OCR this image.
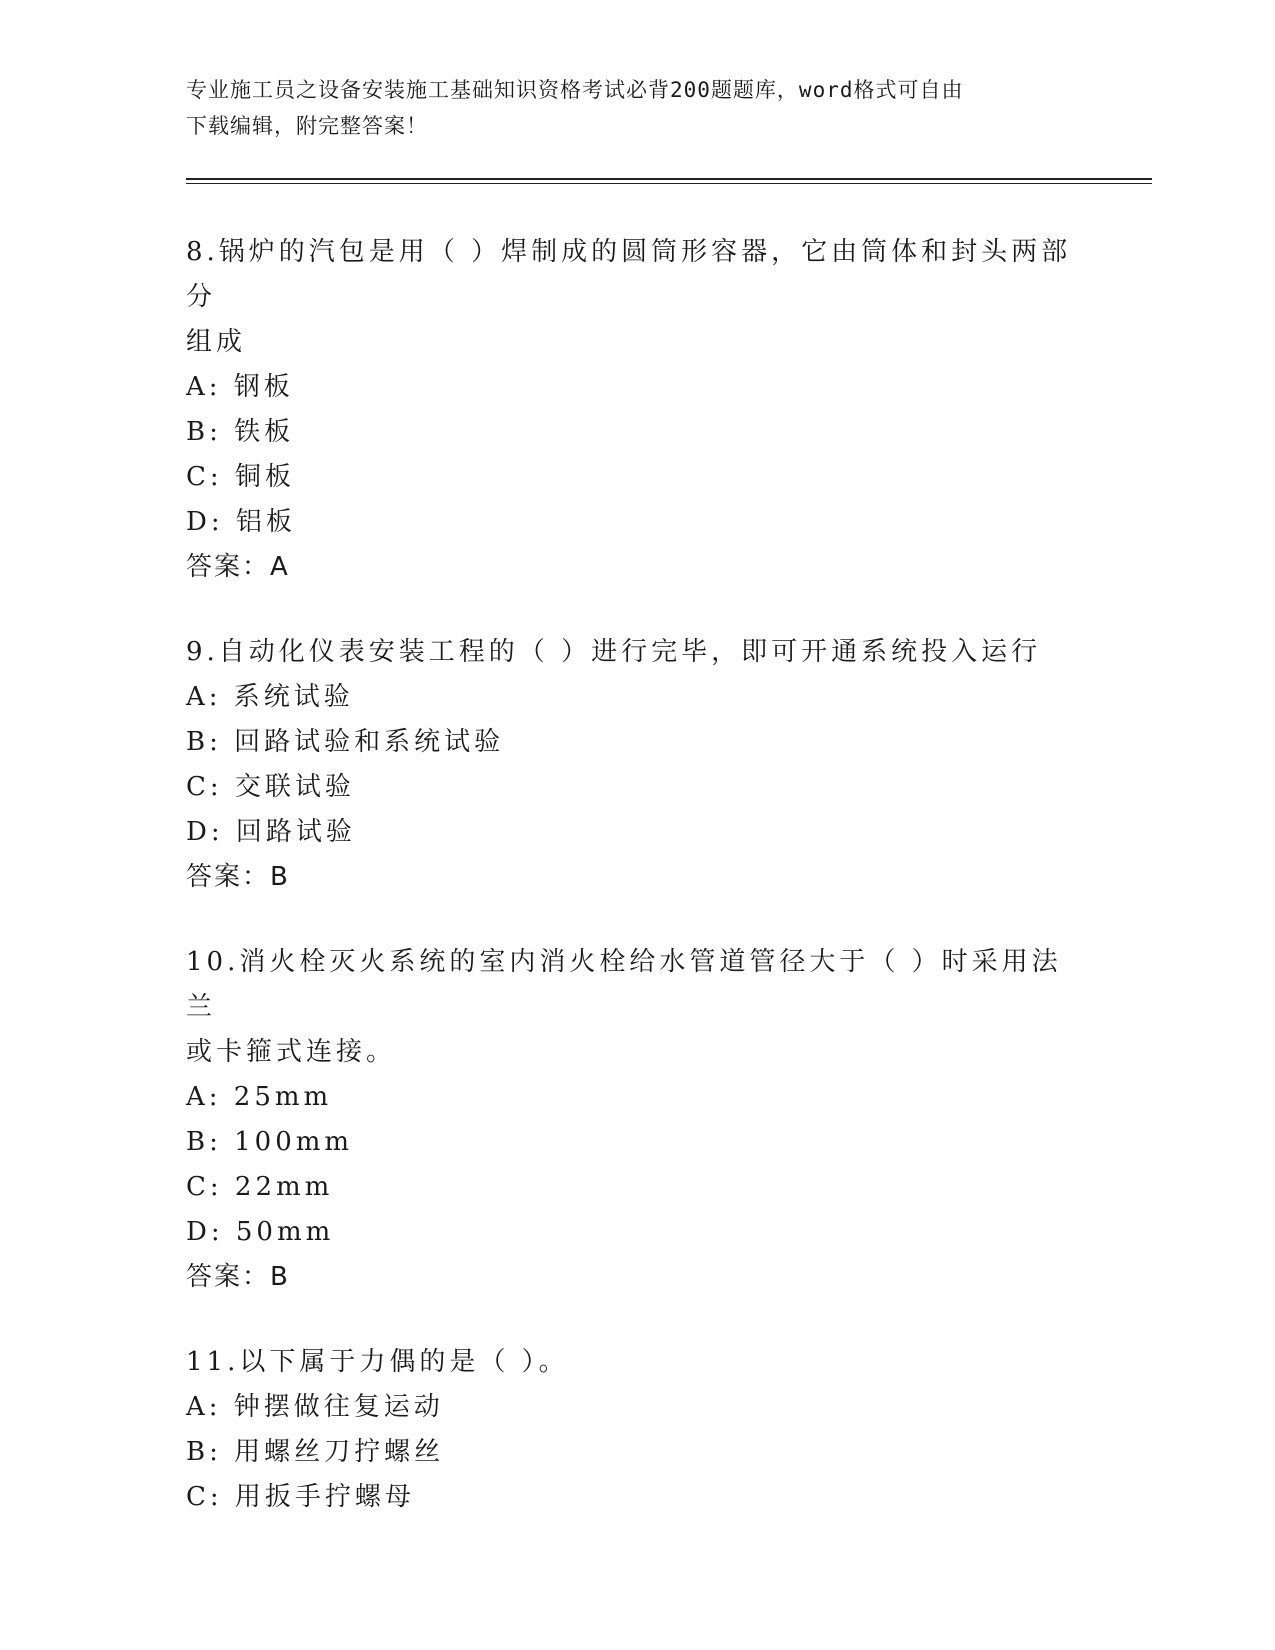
专业施工员之设备安装施工基础知识资格考试必背200题题库，word格式可自由
下载编辑，附完整答案！
8.锅炉的汽包是用（ ）焊制成的圆筒形容器，它由筒体和封头两部分
组成
A: 钢板
B: 铁板
C: 铜板
D: 铝板
答案：A
9.自动化仪表安装工程的（ ）进行完毕，即可开通系统投入运行
A: 系统试验
B: 回路试验和系统试验
C: 交联试验
D: 回路试验
答案：B
10.消火栓灭火系统的室内消火栓给水管道管径大于（ ）时采用法兰
或卡箍式连接。
A: 25mm
B: 100mm
C: 22mm
D: 50mm
答案：B
11.以下属于力偶的是（ ）。
A: 钟摆做往复运动
B: 用螺丝刀拧螺丝
C: 用扳手拧螺母
